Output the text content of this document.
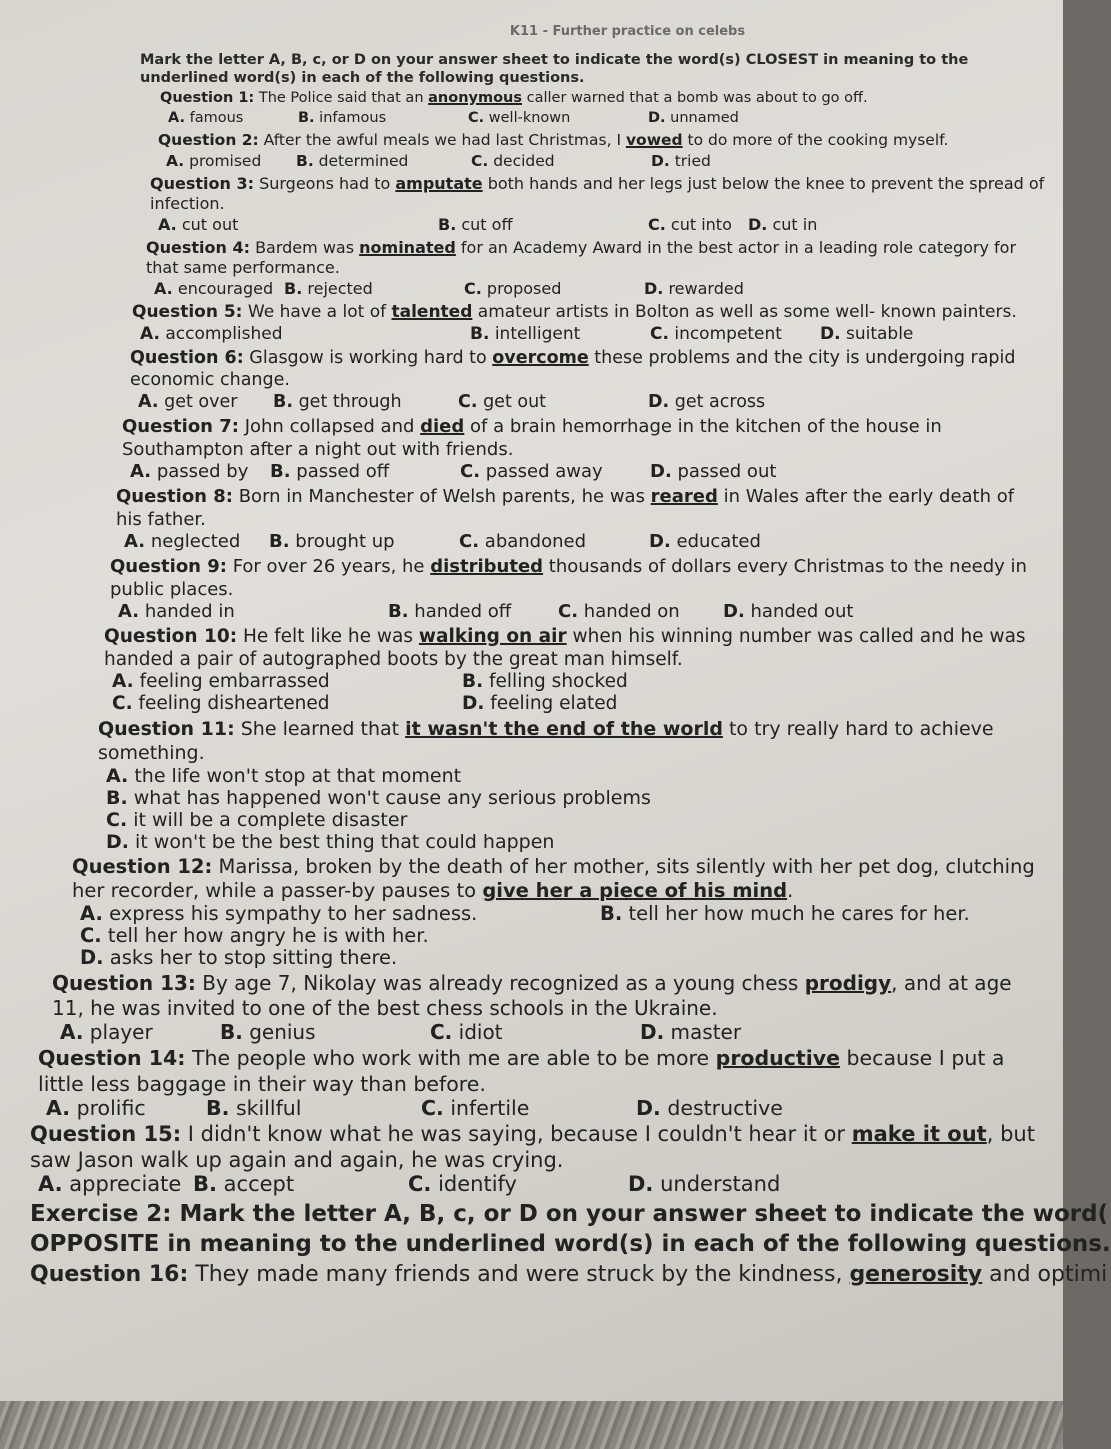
K11 - Further practice on celebs
Mark the letter A, B, c, or D on your answer sheet to indicate the word(s) CLOSEST in meaning to the underlined word(s) in each of the following questions.
Question 1: The Police said that an anonymous caller warned that a bomb was about to go off.
A. famous	B. infamous	C. well-known	D. unnamed
Question 2: After the awful meals we had last Christmas, I vowed to do more of the cooking myself.
A. promised	B. determined	C. decided	D. tried
Question 3: Surgeons had to amputate both hands and her legs just below the knee to prevent the spread of infection.
A. cut out	B. cut off	C. cut into	D. cut in
Question 4: Bardem was nominated for an Academy Award in the best actor in a leading role category for that same performance.
A. encouraged B. rejected	C. proposed	D. rewarded
Question 5: We have a lot of talented amateur artists in Bolton as well as some well- known painters.
A. accomplished	B. intelligent	C. incompetent	D. suitable
Question 6: Glasgow is working hard to overcome these problems and the city is undergoing rapid economic change.
A. get over	B. get through	C. get out	D. get across
Question 7: John collapsed and died of a brain hemorrhage in the kitchen of the house in Southampton after a night out with friends.
A. passed by	B. passed off	C. passed away	D. passed out
Question 8: Born in Manchester of Welsh parents, he was reared in Wales after the early death of his father.
A. neglected	B. brought up	C. abandoned	D. educated
Question 9: For over 26 years, he distributed thousands of dollars every Christmas to the needy in public places.
A. handed in	B. handed off	C. handed on	D. handed out
Question 10: He felt like he was walking on air when his winning number was called and he was handed a pair of autographed boots by the great man himself.
A. feeling embarrassed	B. felling shocked
C. feeling disheartened	D. feeling elated
Question 11: She learned that it wasn't the end of the world to try really hard to achieve something.
A. the life won't stop at that moment
B. what has happened won't cause any serious problems
C. it will be a complete disaster
D. it won't be the best thing that could happen
Question 12: Marissa, broken by the death of her mother, sits silently with her pet dog, clutching her recorder, while a passer-by pauses to give her a piece of his mind.
A. express his sympathy to her sadness.	B. tell her how much he cares for her.
C. tell her how angry he is with her.
D. asks her to stop sitting there.
Question 13: By age 7, Nikolay was already recognized as a young chess prodigy, and at age 11, he was invited to one of the best chess schools in the Ukraine.
A. player	B. genius	C. idiot	D. master
Question 14: The people who work with me are able to be more productive because I put a little less baggage in their way than before.
A. prolific	B. skillful	C. infertile	D. destructive
Question 15: I didn't know what he was saying, because I couldn't hear it or make it out, but saw Jason walk up again and again, he was crying.
A. appreciate B. accept	C. identify	D. understand
Exercise 2: Mark the letter A, B, c, or D on your answer sheet to indicate the word(
OPPOSITE in meaning to the underlined word(s) in each of the following questions.
Question 16: They made many friends and were struck by the kindness, generosity and optimi
